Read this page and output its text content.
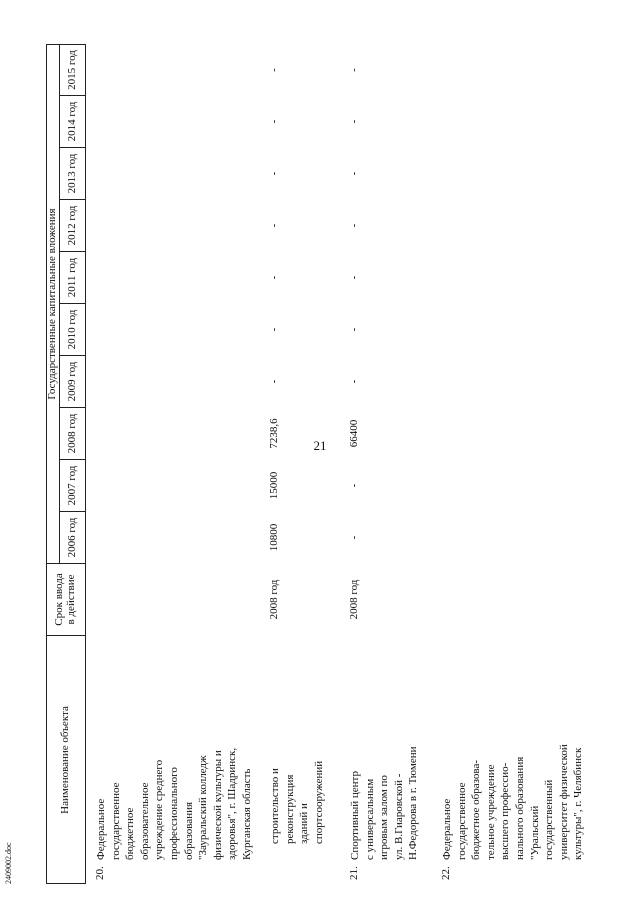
21
Наименование объекта
Срок ввода в действие
Государственные капитальные вложения
2006 год
2007 год
2008 год
2009 год
2010 год
2011 год
2012 год
2013 год
2014 год
2015 год
20.
Федеральное
государственное
бюджетное
образовательное
учреждение среднего
профессионального
образования
"Зауральский колледж
физической культуры и
здоровья", г. Шадринск,
Курганская область строительство и
реконструкция
зданий и
спортсооружений
2008 год
10800
15000
7238,6
-
-
-
-
-
-
-
21.
Спортивный центр
с универсальным
игровым залом по
ул. В.Гиаровской -
Н.Федорова в г. Тюмени
2008 год
-
-
66400
-
-
-
-
-
-
-
22.
Федеральное
государственное
бюджетное образова-
тельное учреждение
высшего профессио-
нального образования
"Уральский
государственный
университет физической
культуры", г. Челябинск
2409002.doc
